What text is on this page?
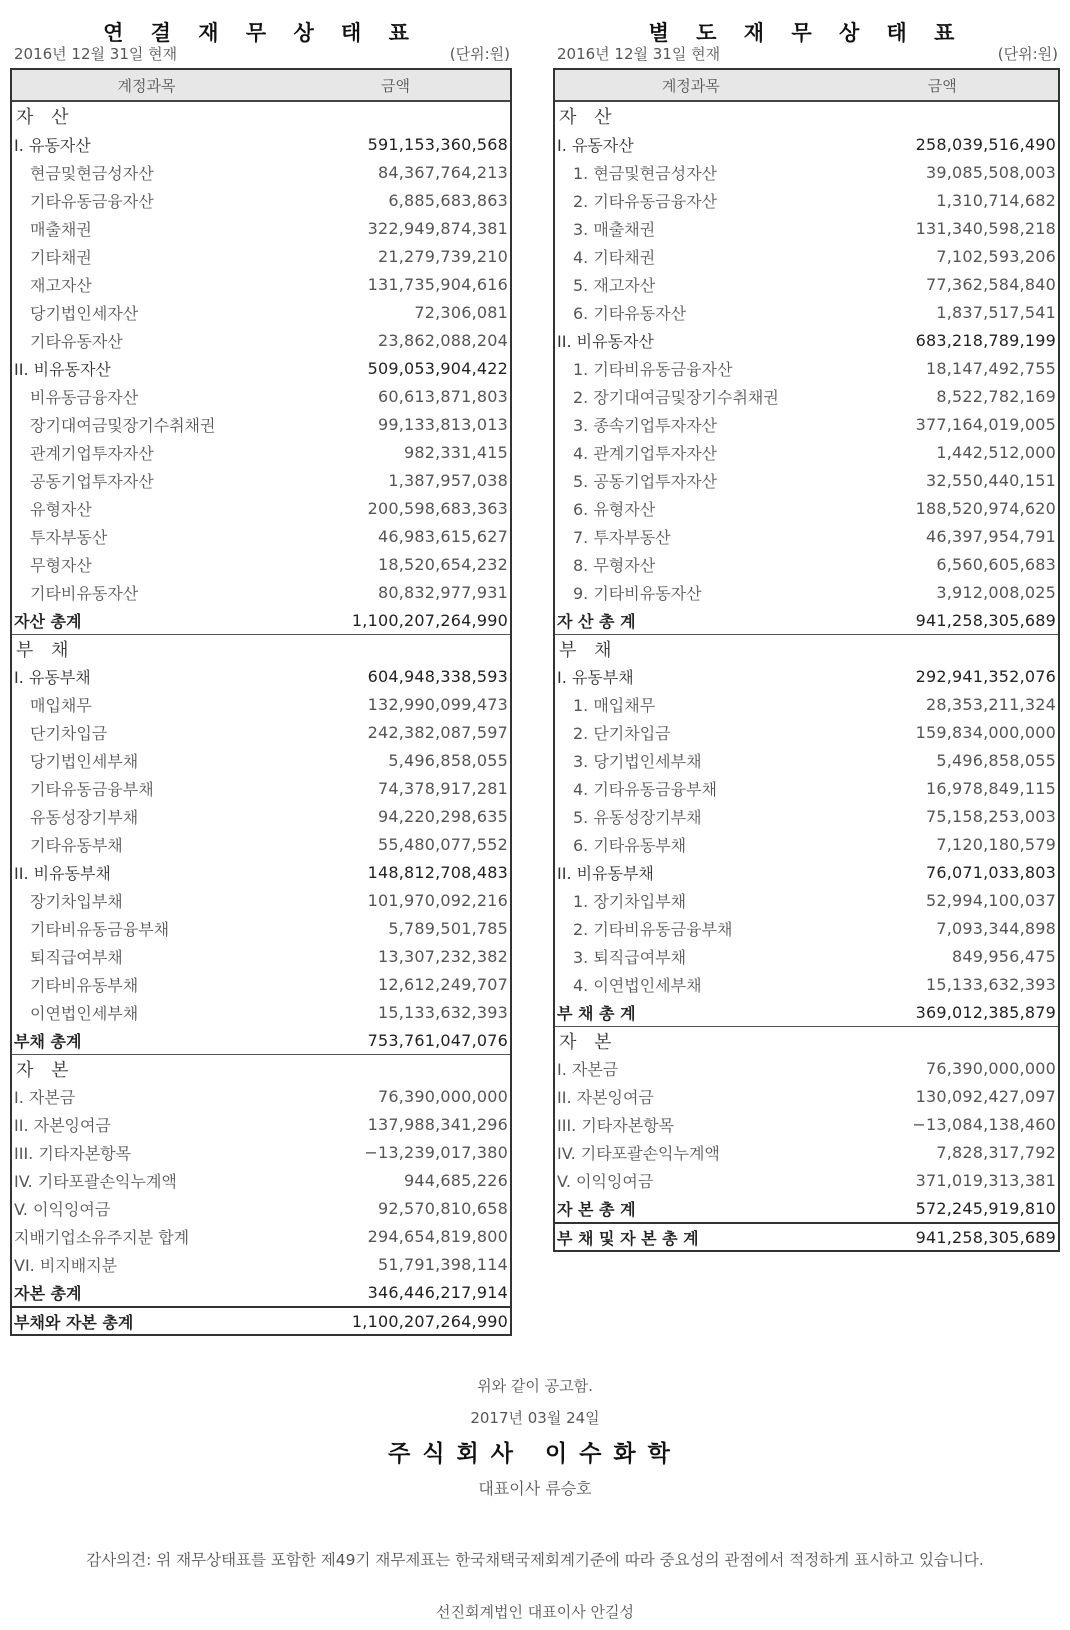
연 결 재 무 상 태 표
2016년 12월 31일 현재	(단위:원)
계정과목	금액
자 산
I. 유동자산	591,153,360,568
현금및현금성자산	84,367,764,213
기타유동금융자산	6,885,683,863
매출채권	322,949,874,381
기타채권	21,279,739,210
재고자산	131,735,904,616
당기법인세자산	72,306,081
기타유동자산	23,862,088,204
II. 비유동자산	509,053,904,422
비유동금융자산	60,613,871,803
장기대여금및장기수취채권	99,133,813,013
관계기업투자자산	982,331,415
공동기업투자자산	1,387,957,038
유형자산	200,598,683,363
투자부동산	46,983,615,627
무형자산	18,520,654,232
기타비유동자산	80,832,977,931
자산 총계	1,100,207,264,990
부 채
I. 유동부채	604,948,338,593
매입채무	132,990,099,473
단기차입금	242,382,087,597
당기법인세부채	5,496,858,055
기타유동금융부채	74,378,917,281
유동성장기부채	94,220,298,635
기타유동부채	55,480,077,552
II. 비유동부채	148,812,708,483
장기차입부채	101,970,092,216
기타비유동금융부채	5,789,501,785
퇴직급여부채	13,307,232,382
기타비유동부채	12,612,249,707
이연법인세부채	15,133,632,393
부채 총계	753,761,047,076
자 본
I. 자본금	76,390,000,000
II. 자본잉여금	137,988,341,296
III. 기타자본항목	−13,239,017,380
IV. 기타포괄손익누계액	944,685,226
V. 이익잉여금	92,570,810,658
지배기업소유주지분 합계	294,654,819,800
VI. 비지배지분	51,791,398,114
자본 총계	346,446,217,914
부채와 자본 총계	1,100,207,264,990
별 도 재 무 상 태 표
2016년 12월 31일 현재	(단위:원)
계정과목	금액
자 산
I. 유동자산	258,039,516,490
1. 현금및현금성자산	39,085,508,003
2. 기타유동금융자산	1,310,714,682
3. 매출채권	131,340,598,218
4. 기타채권	7,102,593,206
5. 재고자산	77,362,584,840
6. 기타유동자산	1,837,517,541
II. 비유동자산	683,218,789,199
1. 기타비유동금융자산	18,147,492,755
2. 장기대여금및장기수취채권	8,522,782,169
3. 종속기업투자자산	377,164,019,005
4. 관계기업투자자산	1,442,512,000
5. 공동기업투자자산	32,550,440,151
6. 유형자산	188,520,974,620
7. 투자부동산	46,397,954,791
8. 무형자산	6,560,605,683
9. 기타비유동자산	3,912,008,025
자 산 총 계	941,258,305,689
부 채
I. 유동부채	292,941,352,076
1. 매입채무	28,353,211,324
2. 단기차입금	159,834,000,000
3. 당기법인세부채	5,496,858,055
4. 기타유동금융부채	16,978,849,115
5. 유동성장기부채	75,158,253,003
6. 기타유동부채	7,120,180,579
II. 비유동부채	76,071,033,803
1. 장기차입부채	52,994,100,037
2. 기타비유동금융부채	7,093,344,898
3. 퇴직급여부채	849,956,475
4. 이연법인세부채	15,133,632,393
부 채 총 계	369,012,385,879
자 본
I. 자본금	76,390,000,000
II. 자본잉여금	130,092,427,097
III. 기타자본항목	−13,084,138,460
IV. 기타포괄손익누계액	7,828,317,792
V. 이익잉여금	371,019,313,381
자 본 총 계	572,245,919,810
부 채 및 자 본 총 계	941,258,305,689
위와 같이 공고함.
2017년 03월 24일
주식회사 이수화학
대표이사 류승호
감사의견: 위 재무상태표를 포함한 제49기 재무제표는 한국채택국제회계기준에 따라 중요성의 관점에서 적정하게 표시하고 있습니다.
선진회계법인 대표이사 안길성
